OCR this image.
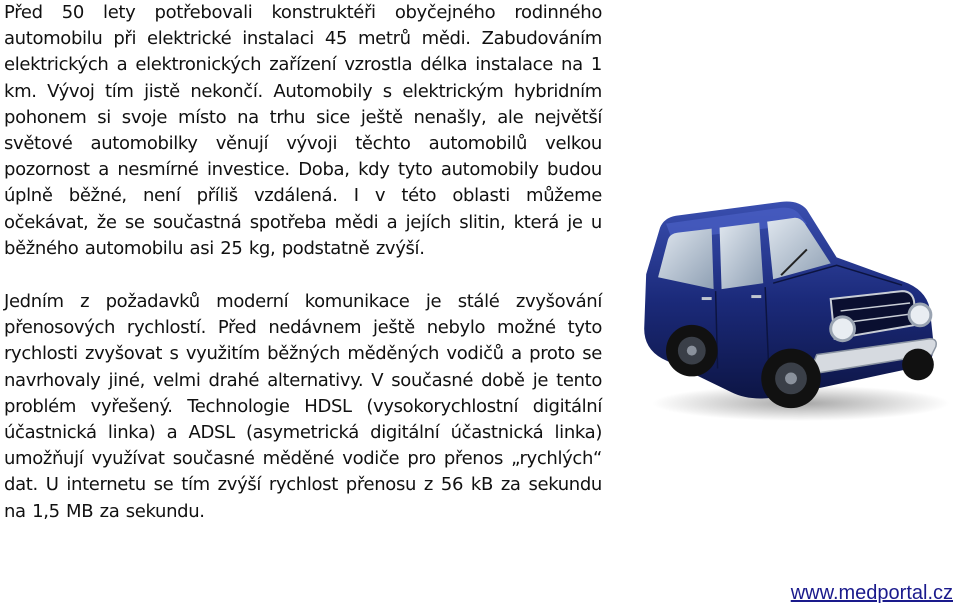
Před 50 lety potřebovali konstruktéři obyčejného rodinného automobilu při elektrické instalaci 45 metrů mědi. Zabudováním elektrických a elektronických zařízení vzrostla délka instalace na 1 km. Vývoj tím jistě nekončí. Automobily s elektrickým hybridním pohonem si svoje místo na trhu sice ještě nenašly, ale největší světové automobilky věnují vývoji těchto automobilů velkou pozornost a nesmírné investice. Doba, kdy tyto automobily budou úplně běžné, není příliš vzdálená. I v této oblasti můžeme očekávat, že se součastná spotřeba mědi a jejích slitin, která je u běžného automobilu asi 25 kg, podstatně zvýší.

Jedním z požadavků moderní komunikace je stálé zvyšování přenosových rychlostí. Před nedávnem ještě nebylo možné tyto rychlosti zvyšovat s využitím běžných měděných vodičů a proto se navrhovaly jiné, velmi drahé alternativy. V současné době je tento problém vyřešený. Technologie HDSL (vysokorychlostní digitální účastnická linka) a ADSL (asymetrická digitální účastnická linka) umožňují využívat současné měděné vodiče pro přenos „rychlých“ dat. U internetu se tím zvýší rychlost přenosu z 56 kB za sekundu na 1,5 MB za sekundu.

www.medportal.cz
